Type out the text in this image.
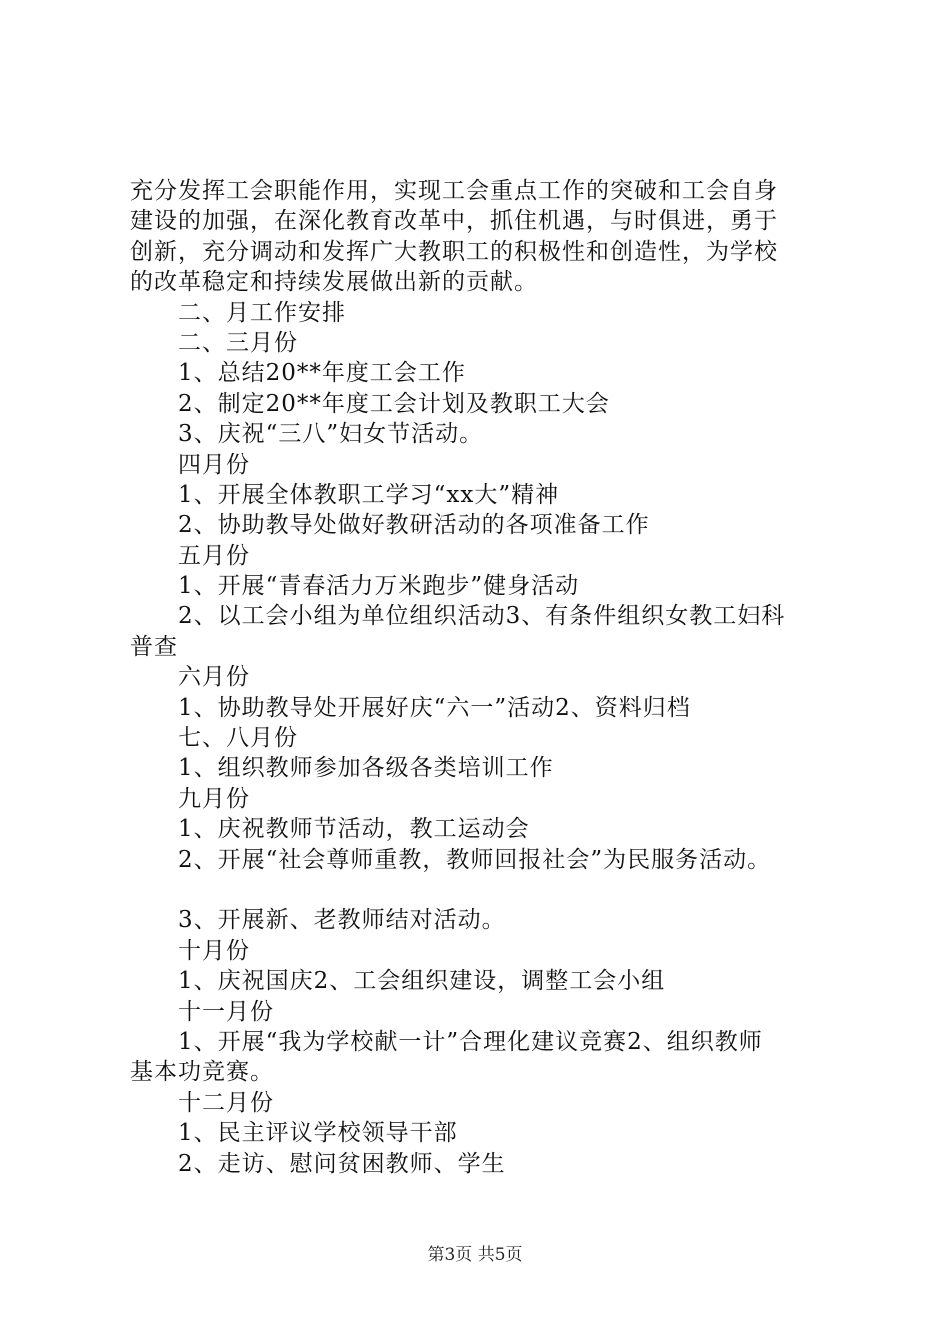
充分发挥工会职能作用，实现工会重点工作的突破和工会自身
建设的加强，在深化教育改革中，抓住机遇，与时俱进，勇于
创新，充分调动和发挥广大教职工的积极性和创造性，为学校
的改革稳定和持续发展做出新的贡献。
二、月工作安排
二、三月份
1、总结20**年度工会工作
2、制定20**年度工会计划及教职工大会
3、庆祝“三八”妇女节活动。
四月份
1、开展全体教职工学习“xx大”精神
2、协助教导处做好教研活动的各项准备工作
五月份
1、开展“青春活力万米跑步”健身活动
2、以工会小组为单位组织活动3、有条件组织女教工妇科
普查
六月份
1、协助教导处开展好庆“六一”活动2、资料归档
七、八月份
1、组织教师参加各级各类培训工作
九月份
1、庆祝教师节活动，教工运动会
2、开展“社会尊师重教，教师回报社会”为民服务活动。
3、开展新、老教师结对活动。
十月份
1、庆祝国庆2、工会组织建设，调整工会小组
十一月份
1、开展“我为学校献一计”合理化建议竞赛2、组织教师
基本功竞赛。
十二月份
1、民主评议学校领导干部
2、走访、慰问贫困教师、学生
第3页 共5页
